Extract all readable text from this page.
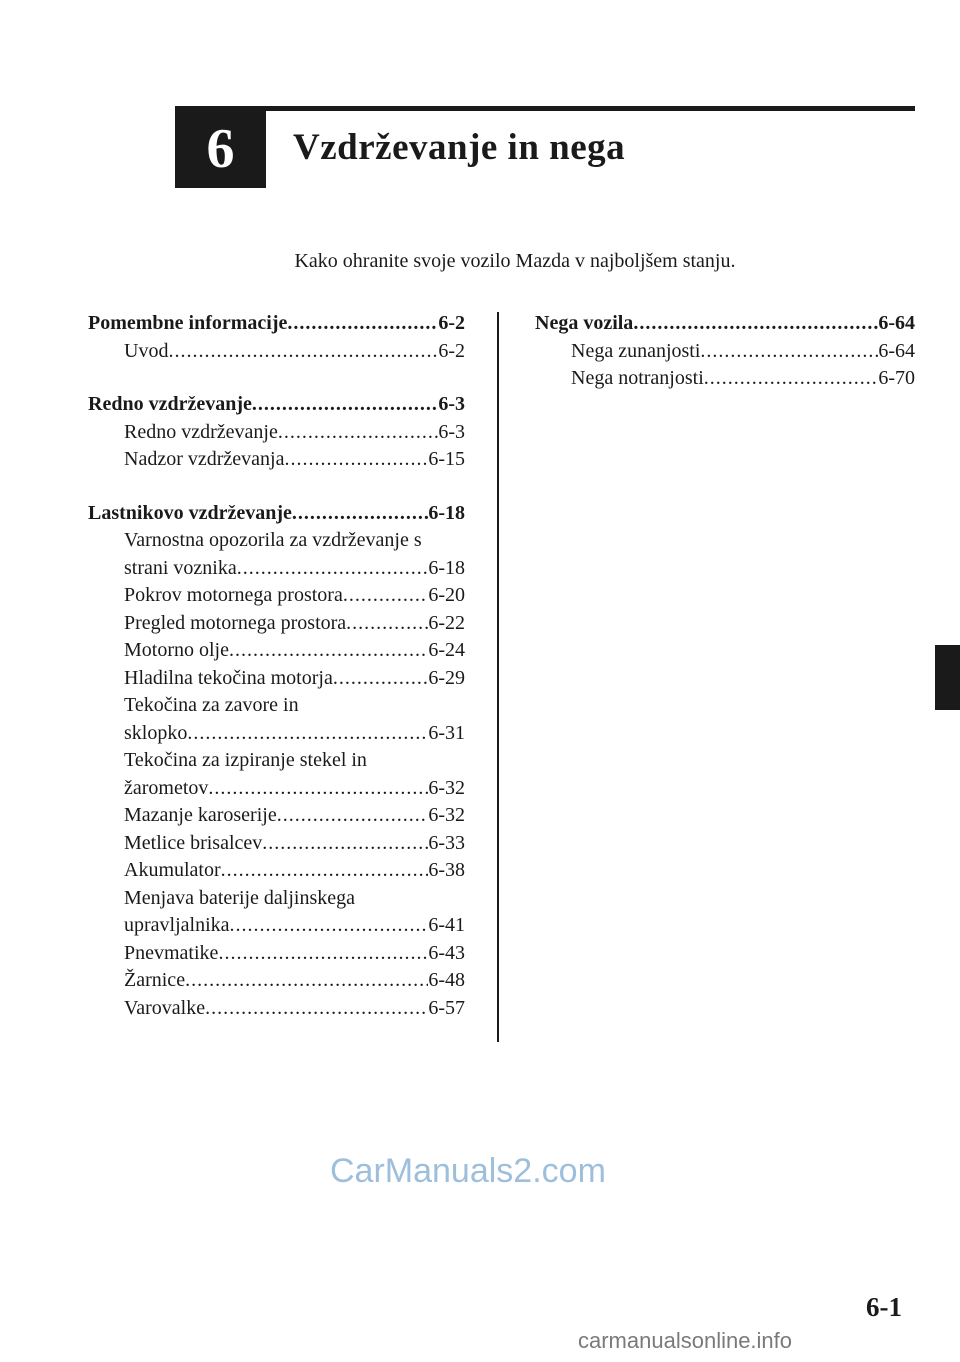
6 Vzdrževanje in nega
Kako ohranite svoje vozilo Mazda v najboljšem stanju.
Pomembne informacije .....	6-2
Uvod .....	6-2
Redno vzdrževanje .....	6-3
Redno vzdrževanje .....	6-3
Nadzor vzdrževanja .....	6-15
Lastnikovo vzdrževanje .....	6-18
Varnostna opozorila za vzdrževanje s
strani voznika .....	6-18
Pokrov motornega prostora .....	6-20
Pregled motornega prostora .....	6-22
Motorno olje .....	6-24
Hladilna tekočina motorja .....	6-29
Tekočina za zavore in
sklopko .....	6-31
Tekočina za izpiranje stekel in
žarometov .....	6-32
Mazanje karoserije .....	6-32
Metlice brisalcev .....	6-33
Akumulator .....	6-38
Menjava baterije daljinskega
upravljalnika .....	6-41
Pnevmatike .....	6-43
Žarnice .....	6-48
Varovalke .....	6-57
Nega vozila .....	6-64
Nega zunanjosti .....	6-64
Nega notranjosti .....	6-70
CarManuals2.com
6-1
carmanualsonline.info
